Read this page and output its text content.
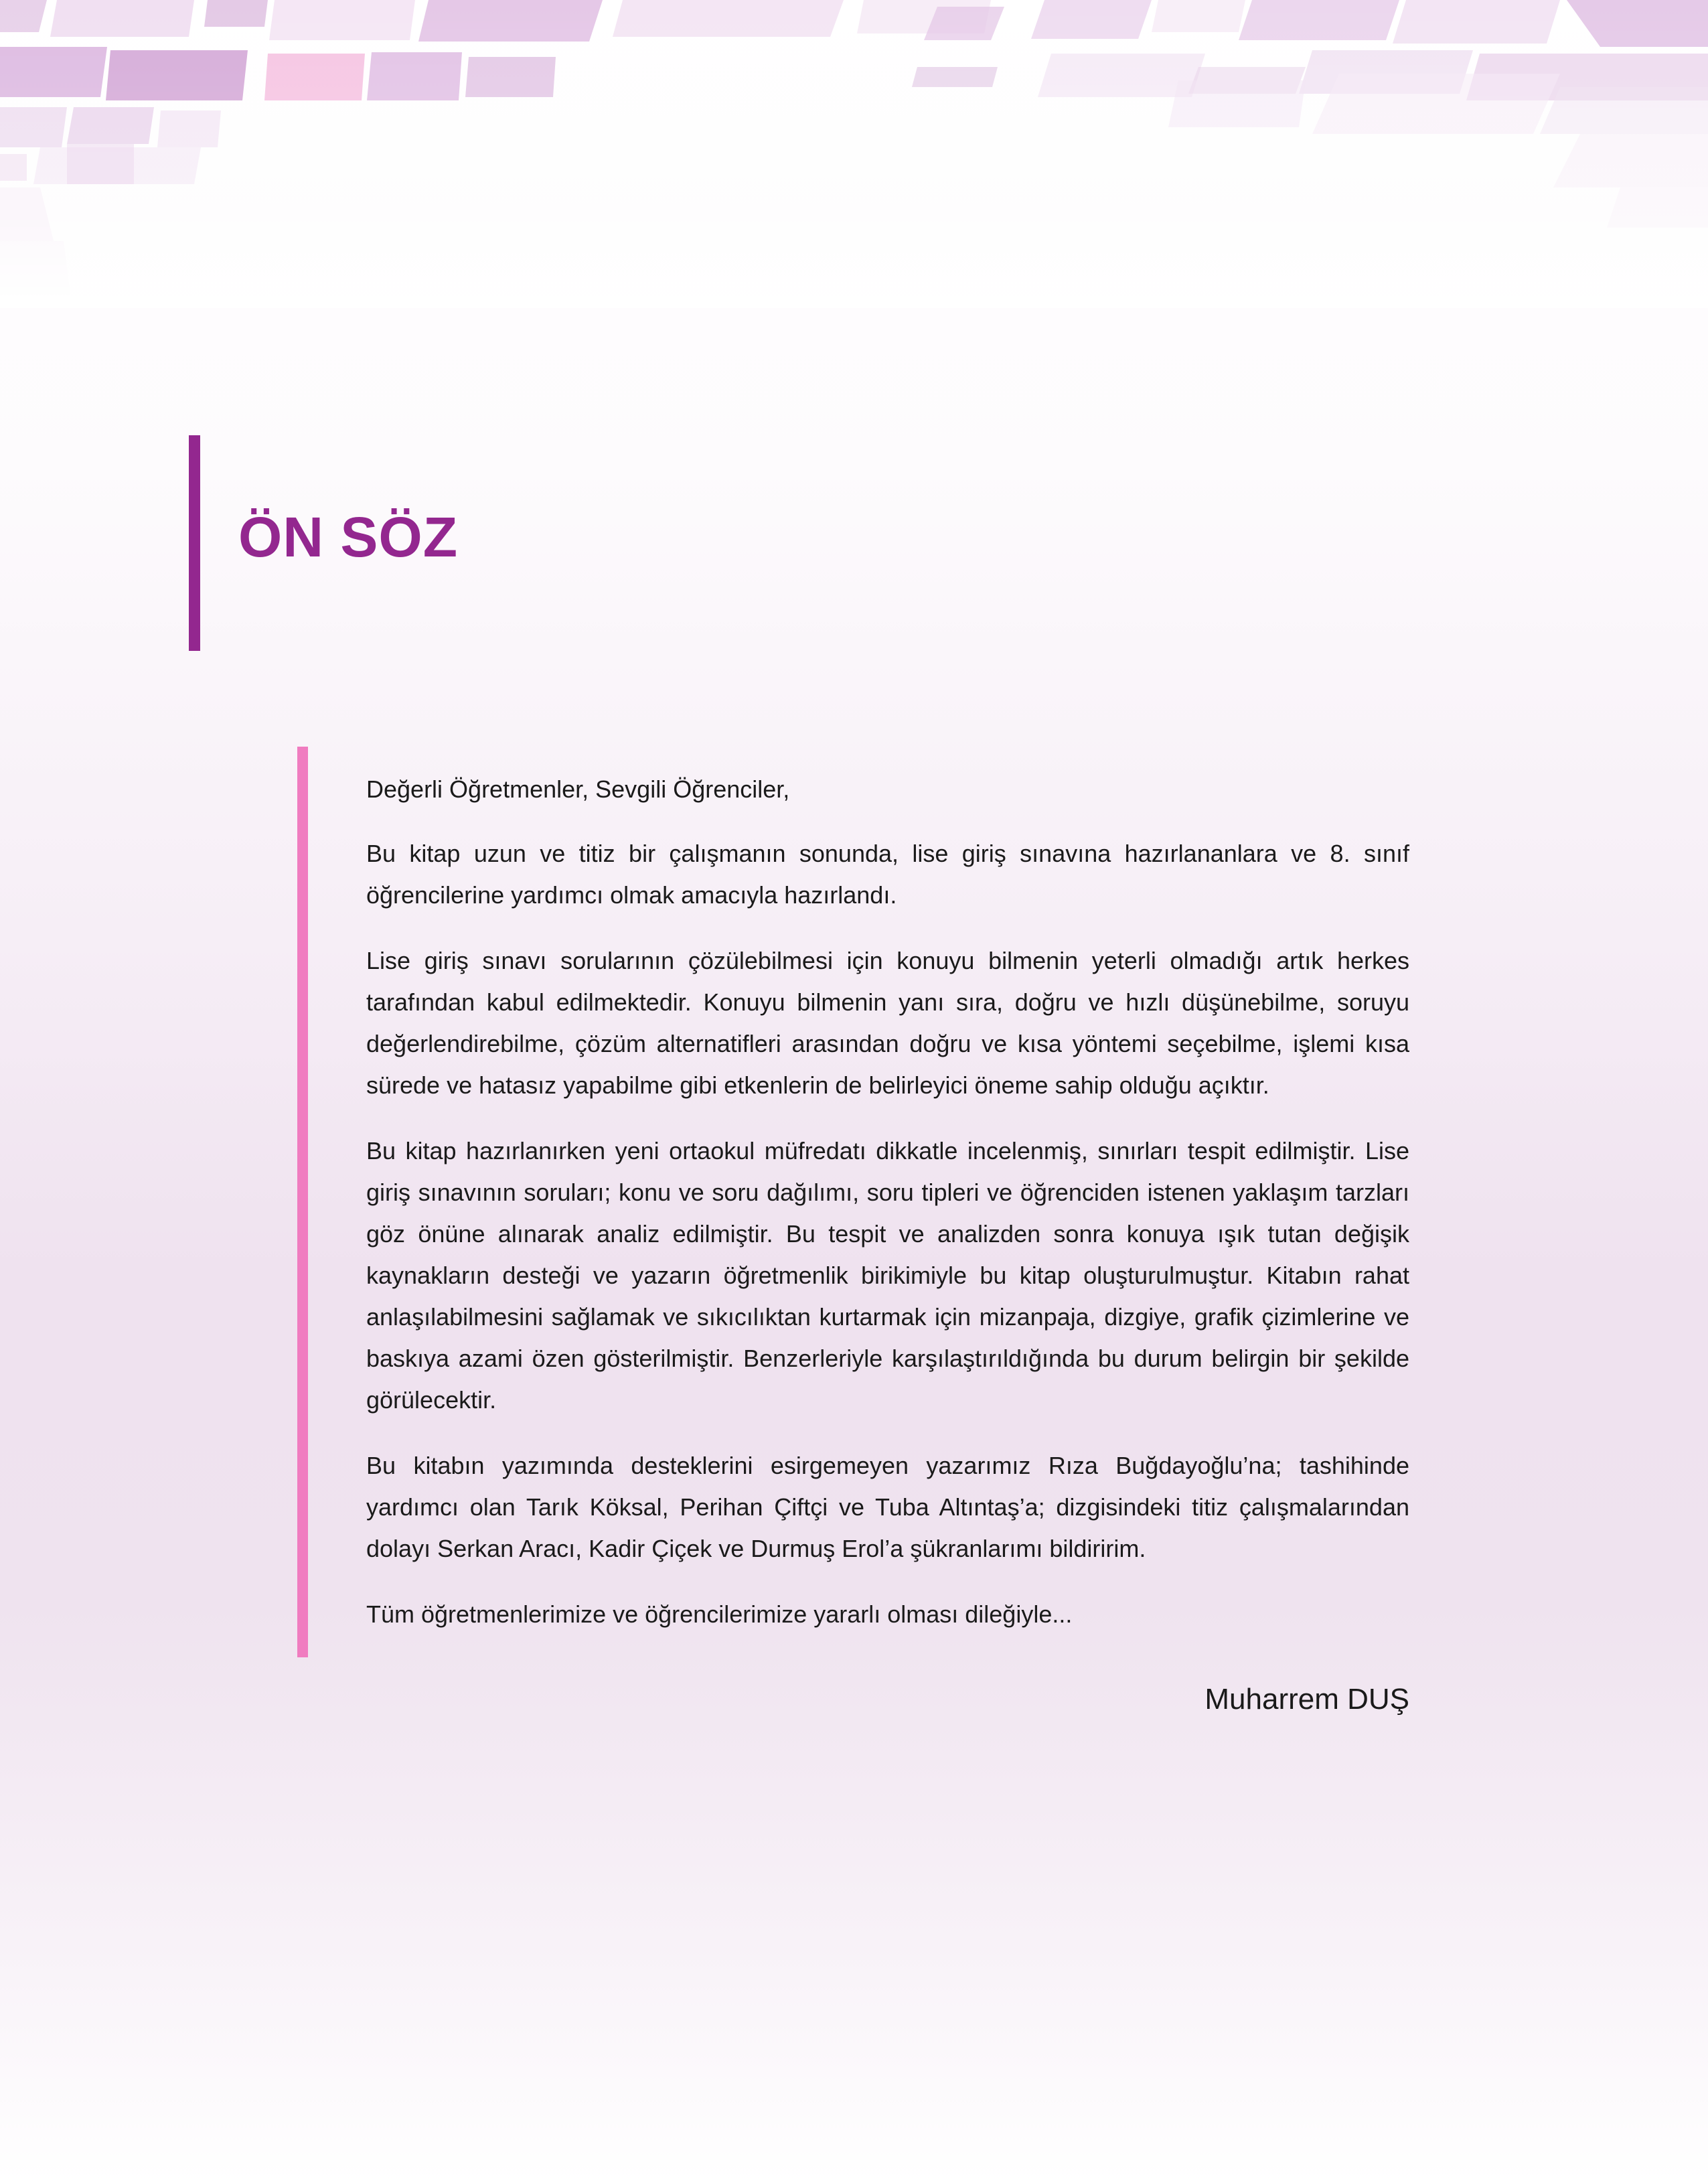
ÖN SÖZ

Değerli Öğretmenler, Sevgili Öğrenciler,

Bu kitap uzun ve titiz bir çalışmanın sonunda, lise giriş sınavına hazırlananlara ve 8. sınıf öğrencilerine yardımcı olmak amacıyla hazırlandı.

Lise giriş sınavı sorularının çözülebilmesi için konuyu bilmenin yeterli olmadığı artık herkes tarafından kabul edilmektedir. Konuyu bilmenin yanı sıra, doğru ve hızlı düşünebilme, soruyu değerlendirebilme, çözüm alternatifleri arasından doğru ve kısa yöntemi seçebilme, işlemi kısa sürede ve hatasız yapabilme gibi etkenlerin de belirleyici öneme sahip olduğu açıktır.

Bu kitap hazırlanırken yeni ortaokul müfredatı dikkatle incelenmiş, sınırları tespit edilmiştir. Lise giriş sınavının soruları; konu ve soru dağılımı, soru tipleri ve öğrenciden istenen yaklaşım tarzları göz önüne alınarak analiz edilmiştir. Bu tespit ve analizden sonra konuya ışık tutan değişik kaynakların desteği ve yazarın öğretmenlik birikimiyle bu kitap oluşturulmuştur. Kitabın rahat anlaşılabilmesini sağlamak ve sıkıcılıktan kurtarmak için mizanpaja, dizgiye, grafik çizimlerine ve baskıya azami özen gösterilmiştir. Benzerleriyle karşılaştırıldığında bu durum belirgin bir şekilde görülecektir.

Bu kitabın yazımında desteklerini esirgemeyen yazarımız Rıza Buğdayoğlu’na; tashihinde yardımcı olan Tarık Köksal, Perihan Çiftçi ve Tuba Altıntaş’a; dizgisindeki titiz çalışmalarından dolayı Serkan Aracı, Kadir Çiçek ve Durmuş Erol’a şükranlarımı bildiririm.

Tüm öğretmenlerimize ve öğrencilerimize yararlı olması dileğiyle...

Muharrem DUŞ
